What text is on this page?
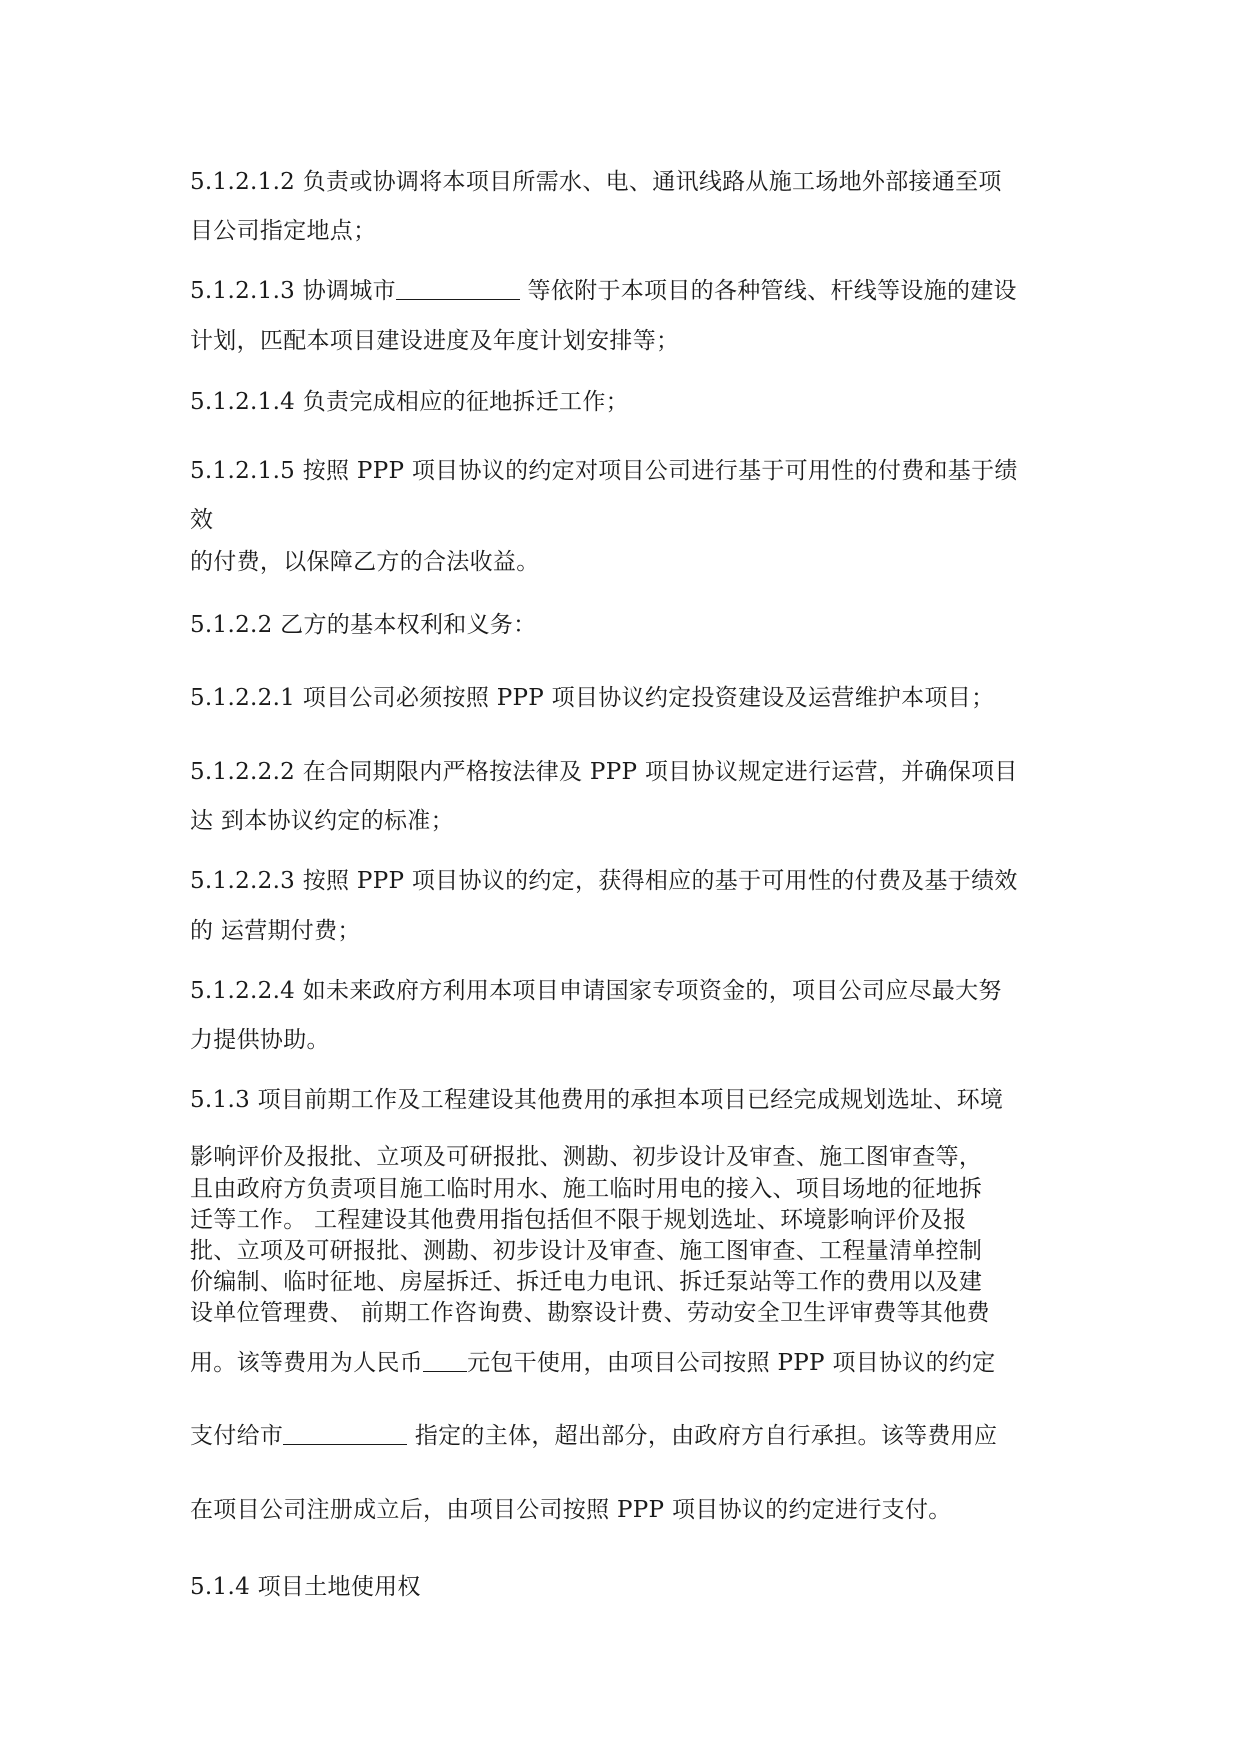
5.1.2.1.2 负责或协调将本项目所需水、电、通讯线路从施工场地外部接通至项
目公司指定地点；
5.1.2.1.3 协调城市	等依附于本项目的各种管线、杆线等设施的建设
计划，匹配本项目建设进度及年度计划安排等；
5.1.2.1.4 负责完成相应的征地拆迁工作；
5.1.2.1.5 按照 PPP 项目协议的约定对项目公司进行基于可用性的付费和基于绩
效
的付费，以保障乙方的合法收益。
5.1.2.2 乙方的基本权利和义务：
5.1.2.2.1 项目公司必须按照 PPP 项目协议约定投资建设及运营维护本项目；
5.1.2.2.2 在合同期限内严格按法律及 PPP 项目协议规定进行运营，并确保项目
达 到本协议约定的标准；
5.1.2.2.3 按照 PPP 项目协议的约定，获得相应的基于可用性的付费及基于绩效
的 运营期付费；
5.1.2.2.4 如未来政府方利用本项目申请国家专项资金的，项目公司应尽最大努
力提供协助。
5.1.3 项目前期工作及工程建设其他费用的承担本项目已经完成规划选址、环境
影响评价及报批、立项及可研报批、测勘、初步设计及审查、施工图审查等，
且由政府方负责项目施工临时用水、施工临时用电的接入、项目场地的征地拆
迁等工作。 工程建设其他费用指包括但不限于规划选址、环境影响评价及报
批、立项及可研报批、测勘、初步设计及审查、施工图审查、工程量清单控制
价编制、临时征地、房屋拆迁、拆迁电力电讯、拆迁泵站等工作的费用以及建
设单位管理费、 前期工作咨询费、勘察设计费、劳动安全卫生评审费等其他费
用。该等费用为人民币 元包干使用，由项目公司按照 PPP 项目协议的约定
支付给市	指定的主体，超出部分，由政府方自行承担。该等费用应
在项目公司注册成立后，由项目公司按照 PPP 项目协议的约定进行支付。
5.1.4 项目土地使用权
